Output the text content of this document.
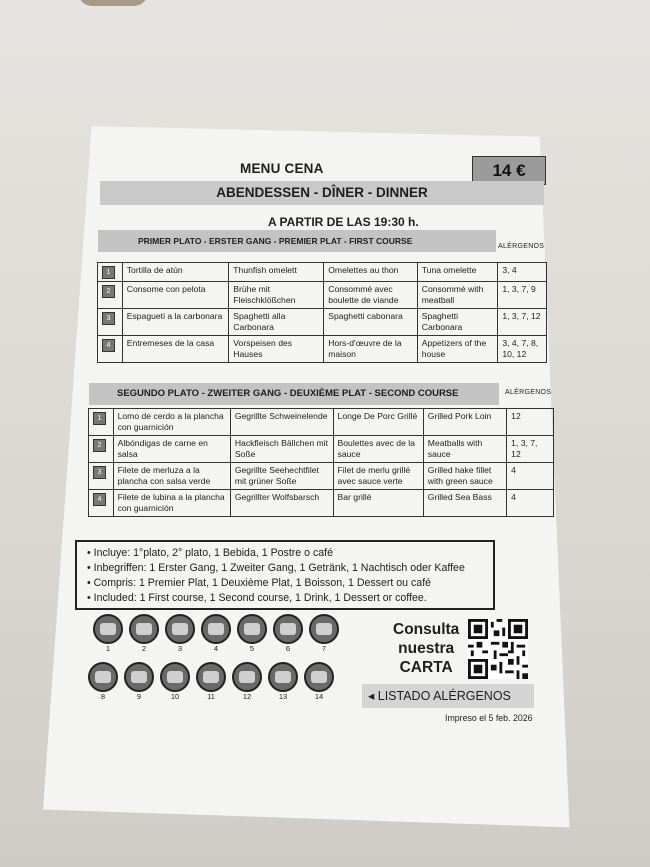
MENU CENA	14 €
ABENDESSEN - DÎNER - DINNER
A PARTIR DE LAS 19:30 h.
PRIMER PLATO - ERSTER GANG - PREMIER PLAT - FIRST COURSE
ALÉRGENOS
1	Tortilla de atún	Thunfish omelett	Omelettes au thon	Tuna omelette	3, 4
2	Consome con pelota	Brühe mit Fleischklößchen	Consommé avec boulette de viande	Consommé with meatball	1, 3, 7, 9
3	Espagueti a la carbonara	Spaghetti alla Carbonara	Spaghetti cabonara	Spaghetti Carbonara	1, 3, 7, 12
4	Entremeses de la casa	Vorspeisen des Hauses	Hors-d'œuvre de la maison	Appetizers of the house	3, 4, 7, 8, 10, 12
SEGUNDO PLATO - ZWEITER GANG - DEUXIÈME PLAT - SECOND COURSE	ALÉRGENOS
1	Lomo de cerdo a la plancha con guarnición	Gegrillte Schweinelende	Longe De Porc Grillé	Grilled Pork Loin	12
2	Albóndigas de carne en salsa	Hackfleisch Bällchen mit Soße	Boulettes avec de la sauce	Meatballs with sauce	1, 3, 7, 12
3	Filete de merluza a la plancha con salsa verde	Gegrillte Seehechtfilet mit grüner Soße	Filet de merlu grillé avec sauce verte	Grilled hake fillet with green sauce	4
4	Filete de lubina a la plancha con guarnición	Gegrillter Wolfsbarsch	Bar grillé	Grilled Sea Bass	4
• Incluye: 1°plato, 2° plato, 1 Bebida, 1 Postre o café
• Inbegriffen: 1 Erster Gang, 1 Zweiter Gang, 1 Getränk, 1 Nachtisch oder Kaffee
• Compris: 1 Premier Plat, 1 Deuxième Plat, 1 Boisson, 1 Dessert ou café
• Included: 1 First course, 1 Second course, 1 Drink, 1 Dessert or coffee.
1	2	3	4	5	6	7
8	9	10	11	12	13	14
Consulta
nuestra
CARTA
◂ LISTADO ALÉRGENOS
Impreso el 5 feb. 2026
